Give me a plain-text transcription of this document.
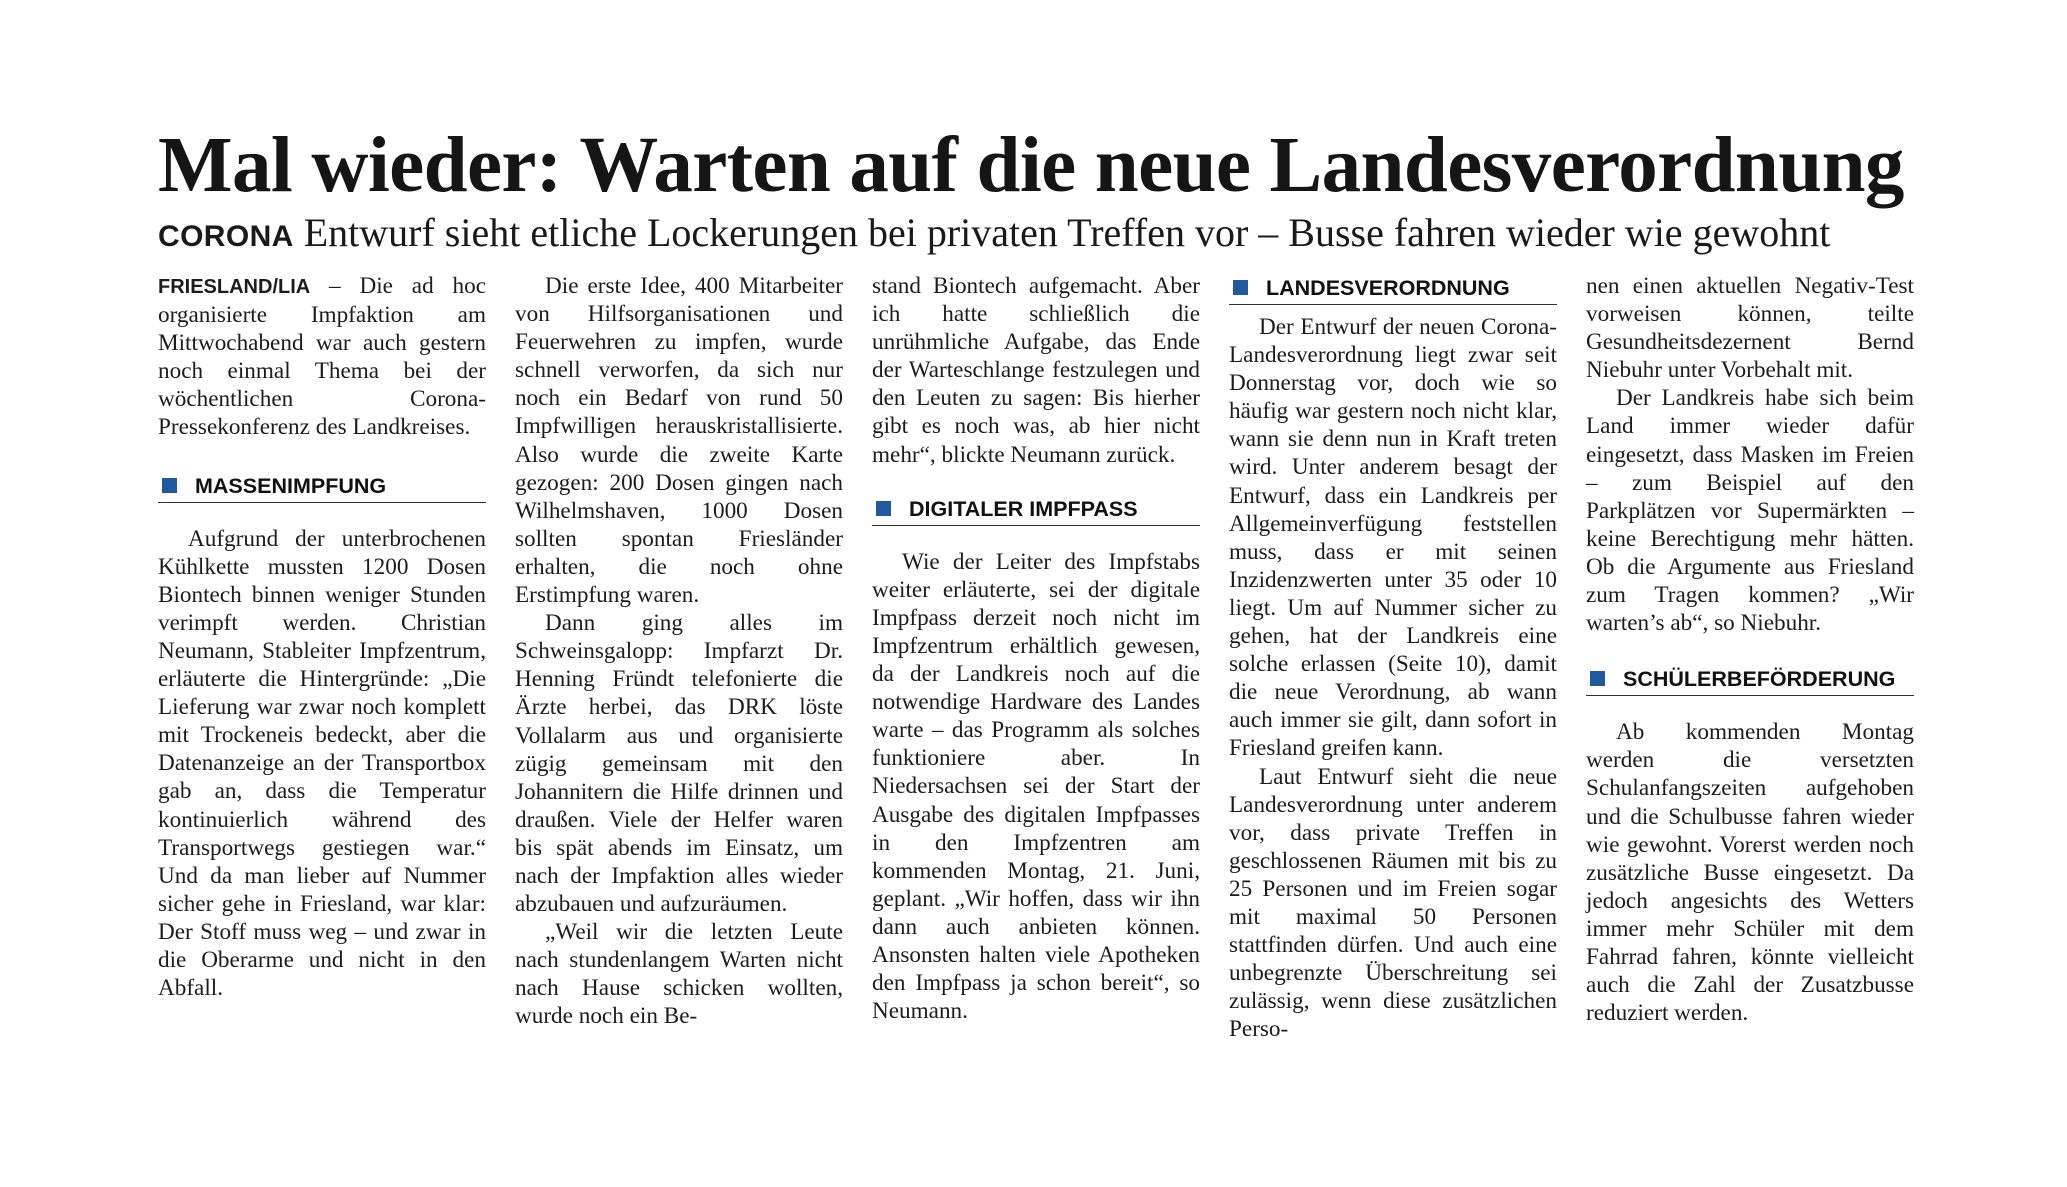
Mal wieder: Warten auf die neue Landesverordnung
CORONA Entwurf sieht etliche Lockerungen bei privaten Treffen vor – Busse fahren wieder wie gewohnt

FRIESLAND/LIA – Die ad hoc organisierte Impfaktion am Mittwochabend war auch gestern noch einmal Thema bei der wöchentlichen Corona-Pressekonferenz des Landkreises.

MASSENIMPFUNG

Aufgrund der unterbrochenen Kühlkette mussten 1200 Dosen Biontech binnen weniger Stunden verimpft werden. Christian Neumann, Stableiter Impfzentrum, erläuterte die Hintergründe: „Die Lieferung war zwar noch komplett mit Trockeneis bedeckt, aber die Datenanzeige an der Transportbox gab an, dass die Temperatur kontinuierlich während des Transportwegs gestiegen war.“ Und da man lieber auf Nummer sicher gehe in Friesland, war klar: Der Stoff muss weg – und zwar in die Oberarme und nicht in den Abfall.

Die erste Idee, 400 Mitarbeiter von Hilfsorganisationen und Feuerwehren zu impfen, wurde schnell verworfen, da sich nur noch ein Bedarf von rund 50 Impfwilligen herauskristallisierte. Also wurde die zweite Karte gezogen: 200 Dosen gingen nach Wilhelmshaven, 1000 Dosen sollten spontan Friesländer erhalten, die noch ohne Erstimpfung waren.

Dann ging alles im Schweinsgalopp: Impfarzt Dr. Henning Fründt telefonierte die Ärzte herbei, das DRK löste Vollalarm aus und organisierte zügig gemeinsam mit den Johannitern die Hilfe drinnen und draußen. Viele der Helfer waren bis spät abends im Einsatz, um nach der Impfaktion alles wieder abzubauen und aufzuräumen.

„Weil wir die letzten Leute nach stundenlangem Warten nicht nach Hause schicken wollten, wurde noch ein Be-

stand Biontech aufgemacht. Aber ich hatte schließlich die unrühmliche Aufgabe, das Ende der Warteschlange festzulegen und den Leuten zu sagen: Bis hierher gibt es noch was, ab hier nicht mehr“, blickte Neumann zurück.

DIGITALER IMPFPASS

Wie der Leiter des Impfstabs weiter erläuterte, sei der digitale Impfpass derzeit noch nicht im Impfzentrum erhältlich gewesen, da der Landkreis noch auf die notwendige Hardware des Landes warte – das Programm als solches funktioniere aber. In Niedersachsen sei der Start der Ausgabe des digitalen Impfpasses in den Impfzentren am kommenden Montag, 21. Juni, geplant. „Wir hoffen, dass wir ihn dann auch anbieten können. Ansonsten halten viele Apotheken den Impfpass ja schon bereit“, so Neumann.

LANDESVERORDNUNG

Der Entwurf der neuen Corona-Landesverordnung liegt zwar seit Donnerstag vor, doch wie so häufig war gestern noch nicht klar, wann sie denn nun in Kraft treten wird. Unter anderem besagt der Entwurf, dass ein Landkreis per Allgemeinverfügung feststellen muss, dass er mit seinen Inzidenzwerten unter 35 oder 10 liegt. Um auf Nummer sicher zu gehen, hat der Landkreis eine solche erlassen (Seite 10), damit die neue Verordnung, ab wann auch immer sie gilt, dann sofort in Friesland greifen kann.

Laut Entwurf sieht die neue Landesverordnung unter anderem vor, dass private Treffen in geschlossenen Räumen mit bis zu 25 Personen und im Freien sogar mit maximal 50 Personen stattfinden dürfen. Und auch eine unbegrenzte Überschreitung sei zulässig, wenn diese zusätzlichen Perso-

nen einen aktuellen Negativ-Test vorweisen können, teilte Gesundheitsdezernent Bernd Niebuhr unter Vorbehalt mit.

Der Landkreis habe sich beim Land immer wieder dafür eingesetzt, dass Masken im Freien – zum Beispiel auf den Parkplätzen vor Supermärkten – keine Berechtigung mehr hätten. Ob die Argumente aus Friesland zum Tragen kommen? „Wir warten’s ab“, so Niebuhr.

SCHÜLERBEFÖRDERUNG

Ab kommenden Montag werden die versetzten Schulanfangszeiten aufgehoben und die Schulbusse fahren wieder wie gewohnt. Vorerst werden noch zusätzliche Busse eingesetzt. Da jedoch angesichts des Wetters immer mehr Schüler mit dem Fahrrad fahren, könnte vielleicht auch die Zahl der Zusatzbusse reduziert werden.
